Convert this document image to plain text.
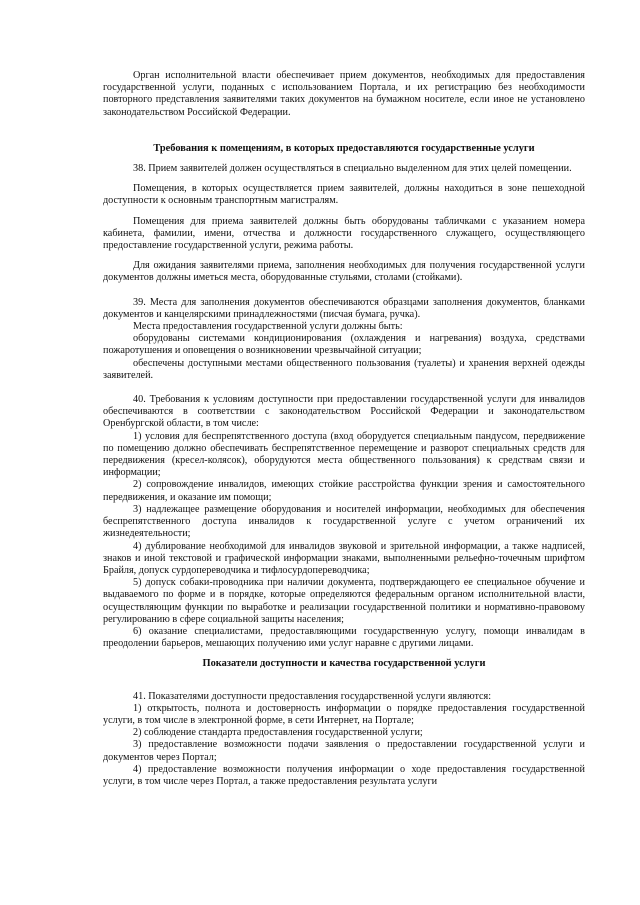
Орган исполнительной власти обеспечивает прием документов, необходимых для предоставления государственной услуги, поданных с использованием Портала, и их регистрацию без необходимости повторного представления заявителями таких документов на бумажном носителе, если иное не установлено законодательством Российской Федерации.

Требования к помещениям, в которых предоставляются государственные услуги

38. Прием заявителей должен осуществляться в специально выделенном для этих целей помещении.

Помещения, в которых осуществляется прием заявителей, должны находиться в зоне пешеходной доступности к основным транспортным магистралям.

Помещения для приема заявителей должны быть оборудованы табличками с указанием номера кабинета, фамилии, имени, отчества и должности государственного служащего, осуществляющего предоставление государственной услуги, режима работы.

Для ожидания заявителями приема, заполнения необходимых для получения государственной услуги документов должны иметься места, оборудованные стульями, столами (стойками).

39. Места для заполнения документов обеспечиваются образцами заполнения документов, бланками документов и канцелярскими принадлежностями (писчая бумага, ручка).

Места предоставления государственной услуги должны быть:

оборудованы системами кондиционирования (охлаждения и нагревания) воздуха, средствами пожаротушения и оповещения о возникновении чрезвычайной ситуации;

обеспечены доступными местами общественного пользования (туалеты) и хранения верхней одежды заявителей.

40. Требования к условиям доступности при предоставлении государственной услуги для инвалидов обеспечиваются в соответствии с законодательством Российской Федерации и законодательством Оренбургской области, в том числе:

1) условия для беспрепятственного доступа (вход оборудуется специальным пандусом, передвижение по помещению должно обеспечивать беспрепятственное перемещение и разворот специальных средств для передвижения (кресел-колясок), оборудуются места общественного пользования) к средствам связи и информации;

2) сопровождение инвалидов, имеющих стойкие расстройства функции зрения и самостоятельного передвижения, и оказание им помощи;

3) надлежащее размещение оборудования и носителей информации, необходимых для обеспечения беспрепятственного доступа инвалидов к государственной услуге с учетом ограничений их жизнедеятельности;

4) дублирование необходимой для инвалидов звуковой и зрительной информации, а также надписей, знаков и иной текстовой и графической информации знаками, выполненными рельефно-точечным шрифтом Брайля, допуск сурдопереводчика и тифлосурдопереводчика;

5) допуск собаки-проводника при наличии документа, подтверждающего ее специальное обучение и выдаваемого по форме и в порядке, которые определяются федеральным органом исполнительной власти, осуществляющим функции по выработке и реализации государственной политики и нормативно-правовому регулированию в сфере социальной защиты населения;

6) оказание специалистами, предоставляющими государственную услугу, помощи инвалидам в преодолении барьеров, мешающих получению ими услуг наравне с другими лицами.

Показатели доступности и качества государственной услуги

41. Показателями доступности предоставления государственной услуги являются:

1) открытость, полнота и достоверность информации о порядке предоставления государственной услуги, в том числе в электронной форме, в сети Интернет, на Портале;

2) соблюдение стандарта предоставления государственной услуги;

3) предоставление возможности подачи заявления о предоставлении государственной услуги и документов через Портал;

4) предоставление возможности получения информации о ходе предоставления государственной услуги, в том числе через Портал, а также предоставления результата услуги
